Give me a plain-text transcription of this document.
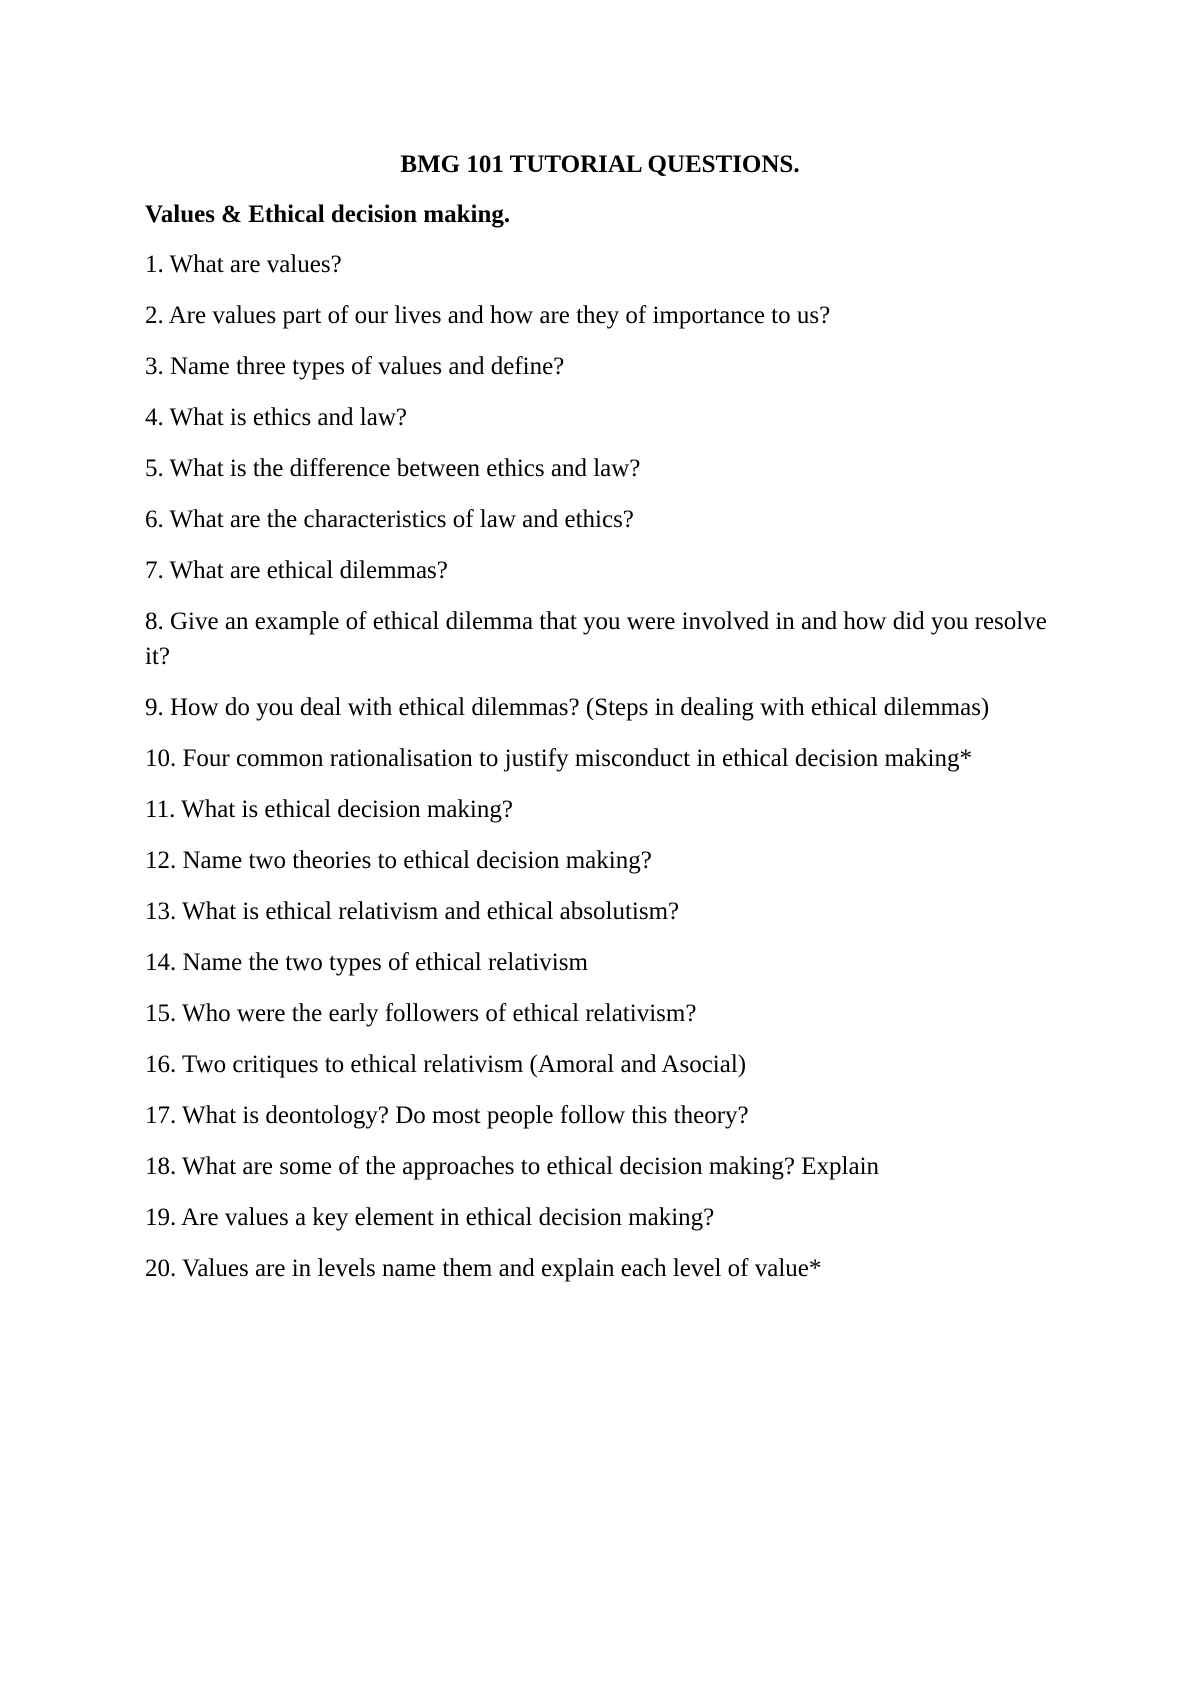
BMG 101 TUTORIAL QUESTIONS.
Values & Ethical decision making.
1. What are values?
2. Are values part of our lives and how are they of importance to us?
3. Name three types of values and define?
4. What is ethics and law?
5. What is the difference between ethics and law?
6. What are the characteristics of law and ethics?
7. What are ethical dilemmas?
8. Give an example of ethical dilemma that you were involved in and how did you resolve it?
9. How do you deal with ethical dilemmas? (Steps in dealing with ethical dilemmas)
10. Four common rationalisation to justify misconduct in ethical decision making*
11. What is ethical decision making?
12. Name two theories to ethical decision making?
13. What is ethical relativism and ethical absolutism?
14. Name the two types of ethical relativism
15. Who were the early followers of ethical relativism?
16. Two critiques to ethical relativism (Amoral and Asocial)
17. What is deontology? Do most people follow this theory?
18. What are some of the approaches to ethical decision making? Explain
19. Are values a key element in ethical decision making?
20. Values are in levels name them and explain each level of value*
